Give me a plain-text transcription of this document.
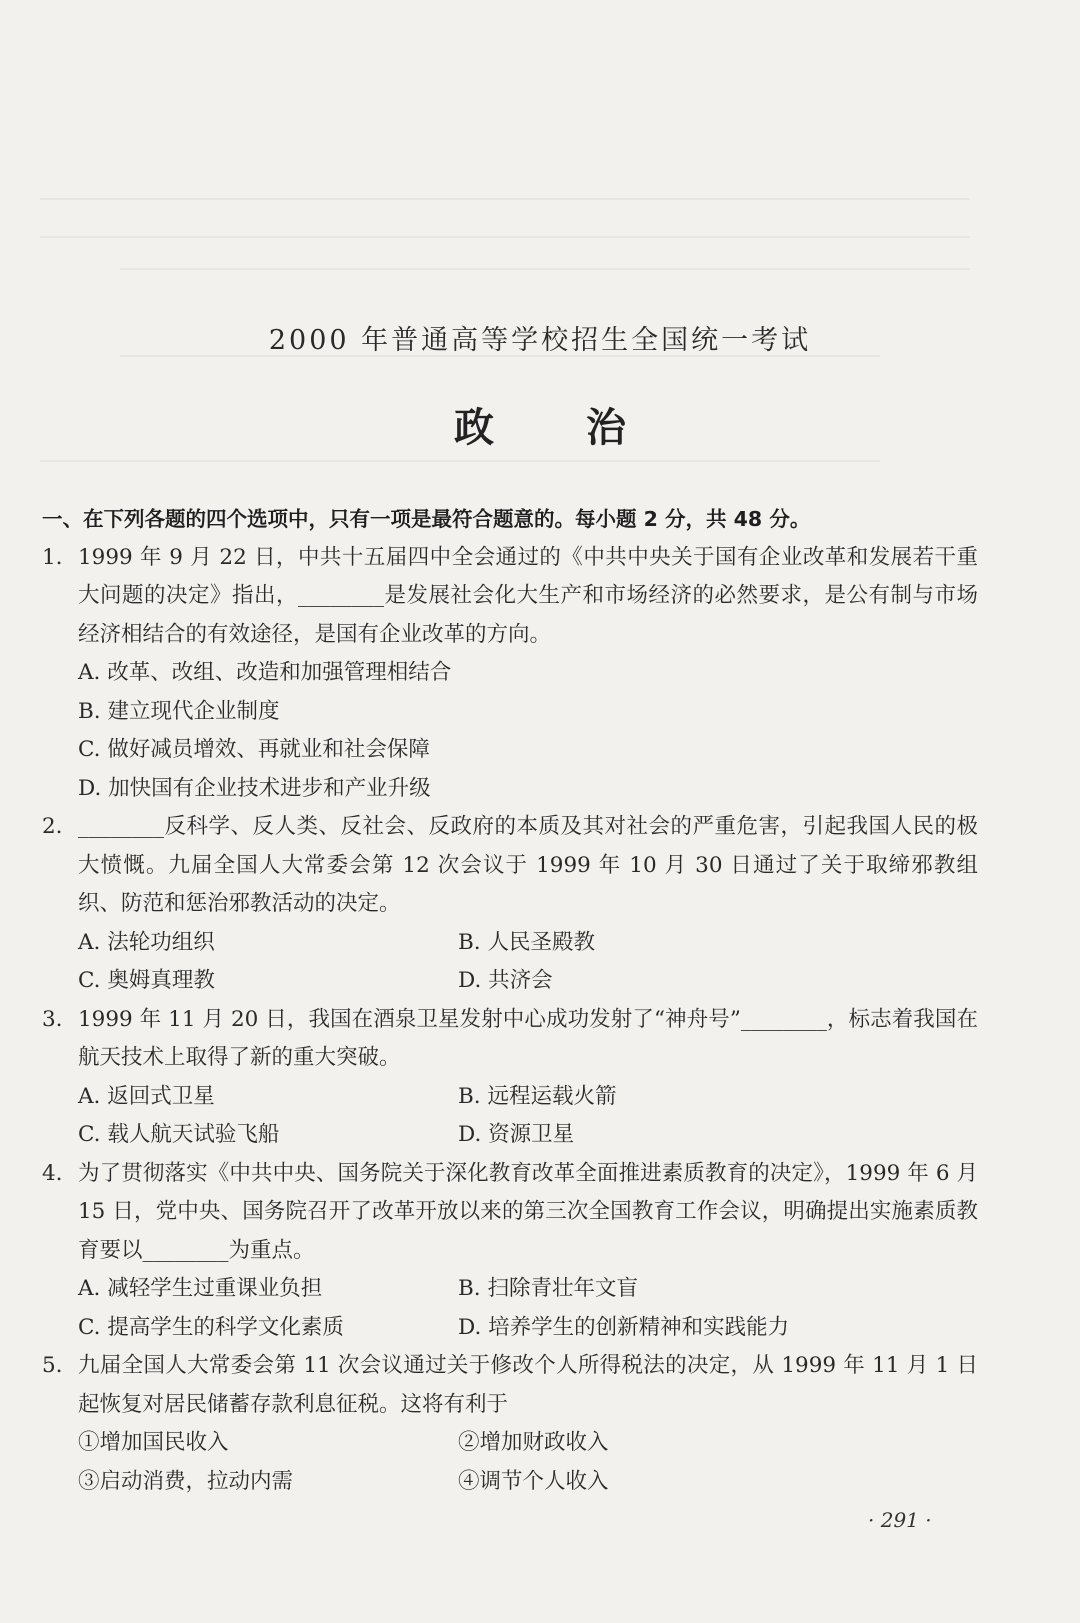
2000 年普通高等学校招生全国统一考试
政 治
一、在下列各题的四个选项中，只有一项是最符合题意的。每小题 2 分，共 48 分。
1. 1999 年 9 月 22 日，中共十五届四中全会通过的《中共中央关于国有企业改革和发展若干重大问题的决定》指出，________是发展社会化大生产和市场经济的必然要求，是公有制与市场经济相结合的有效途径，是国有企业改革的方向。
A. 改革、改组、改造和加强管理相结合
B. 建立现代企业制度
C. 做好减员增效、再就业和社会保障
D. 加快国有企业技术进步和产业升级
2. ________反科学、反人类、反社会、反政府的本质及其对社会的严重危害，引起我国人民的极大愤慨。九届全国人大常委会第 12 次会议于 1999 年 10 月 30 日通过了关于取缔邪教组织、防范和惩治邪教活动的决定。
A. 法轮功组织	B. 人民圣殿教
C. 奥姆真理教	D. 共济会
3. 1999 年 11 月 20 日，我国在酒泉卫星发射中心成功发射了“神舟号”________，标志着我国在航天技术上取得了新的重大突破。
A. 返回式卫星	B. 远程运载火箭
C. 载人航天试验飞船	D. 资源卫星
4. 为了贯彻落实《中共中央、国务院关于深化教育改革全面推进素质教育的决定》，1999 年 6 月 15 日，党中央、国务院召开了改革开放以来的第三次全国教育工作会议，明确提出实施素质教育要以________为重点。
A. 减轻学生过重课业负担	B. 扫除青壮年文盲
C. 提高学生的科学文化素质	D. 培养学生的创新精神和实践能力
5. 九届全国人大常委会第 11 次会议通过关于修改个人所得税法的决定，从 1999 年 11 月 1 日起恢复对居民储蓄存款利息征税。这将有利于
①增加国民收入	②增加财政收入
③启动消费，拉动内需	④调节个人收入
· 291 ·
